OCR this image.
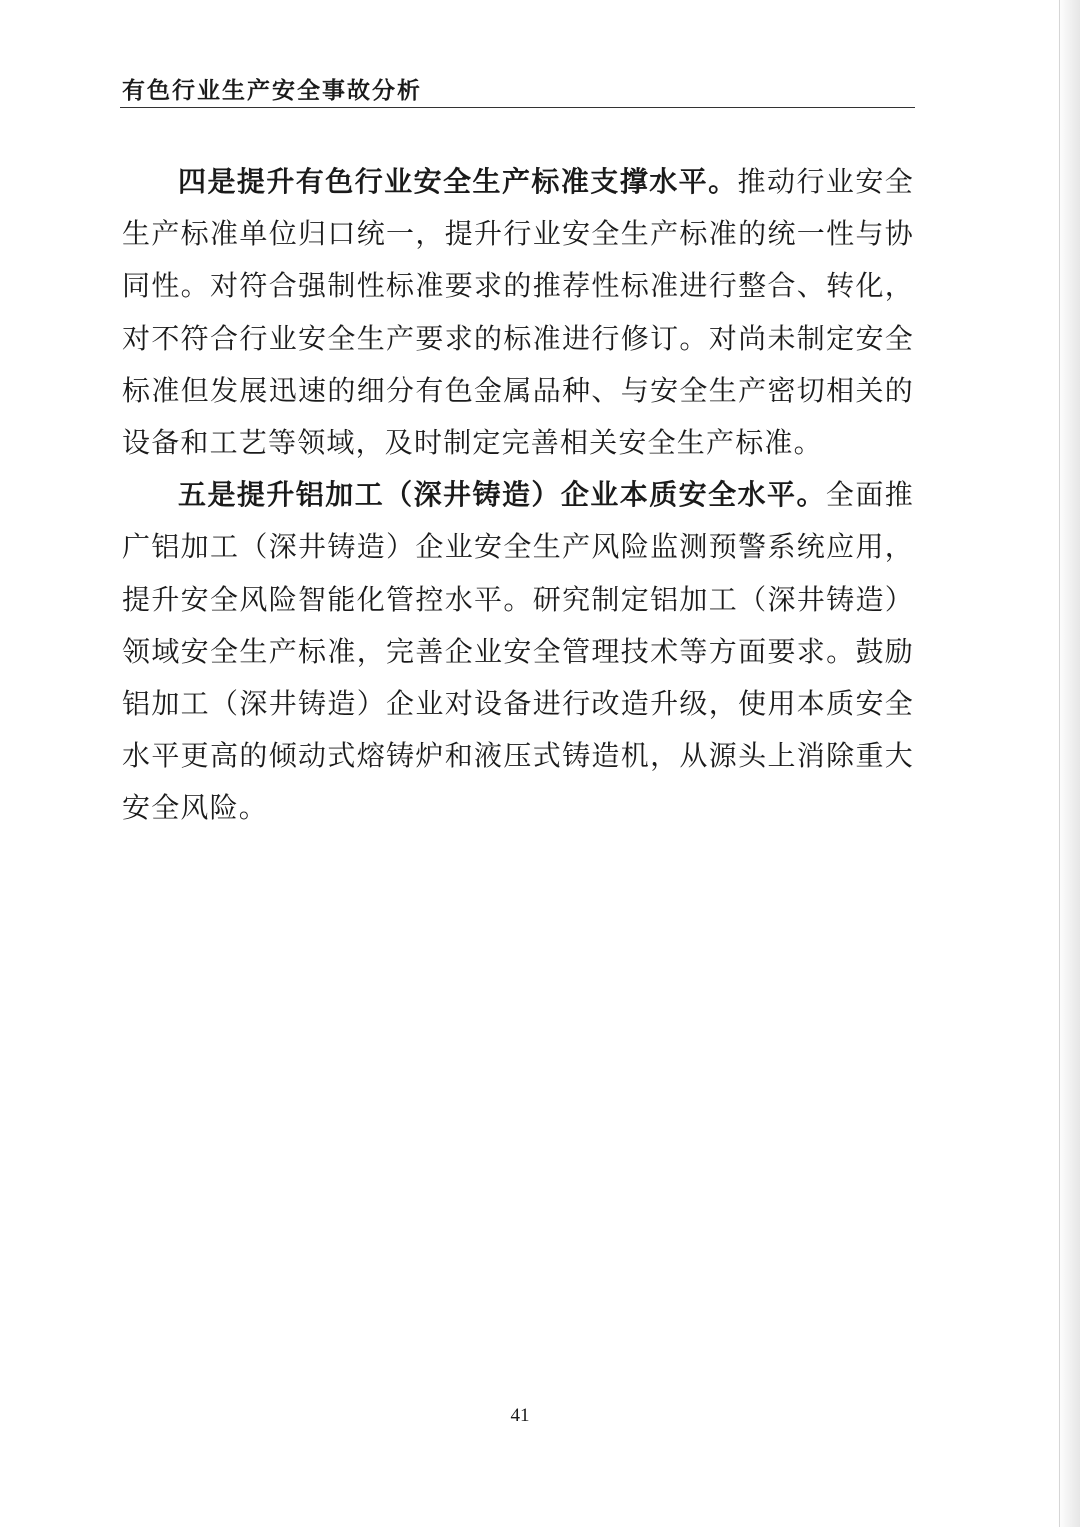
有色行业生产安全事故分析

四是提升有色行业安全生产标准支撑水平。推动行业安全生产标准单位归口统一，提升行业安全生产标准的统一性与协同性。对符合强制性标准要求的推荐性标准进行整合、转化，对不符合行业安全生产要求的标准进行修订。对尚未制定安全标准但发展迅速的细分有色金属品种、与安全生产密切相关的设备和工艺等领域，及时制定完善相关安全生产标准。

五是提升铝加工（深井铸造）企业本质安全水平。全面推广铝加工（深井铸造）企业安全生产风险监测预警系统应用，提升安全风险智能化管控水平。研究制定铝加工（深井铸造）领域安全生产标准，完善企业安全管理技术等方面要求。鼓励铝加工（深井铸造）企业对设备进行改造升级，使用本质安全水平更高的倾动式熔铸炉和液压式铸造机，从源头上消除重大安全风险。

41
